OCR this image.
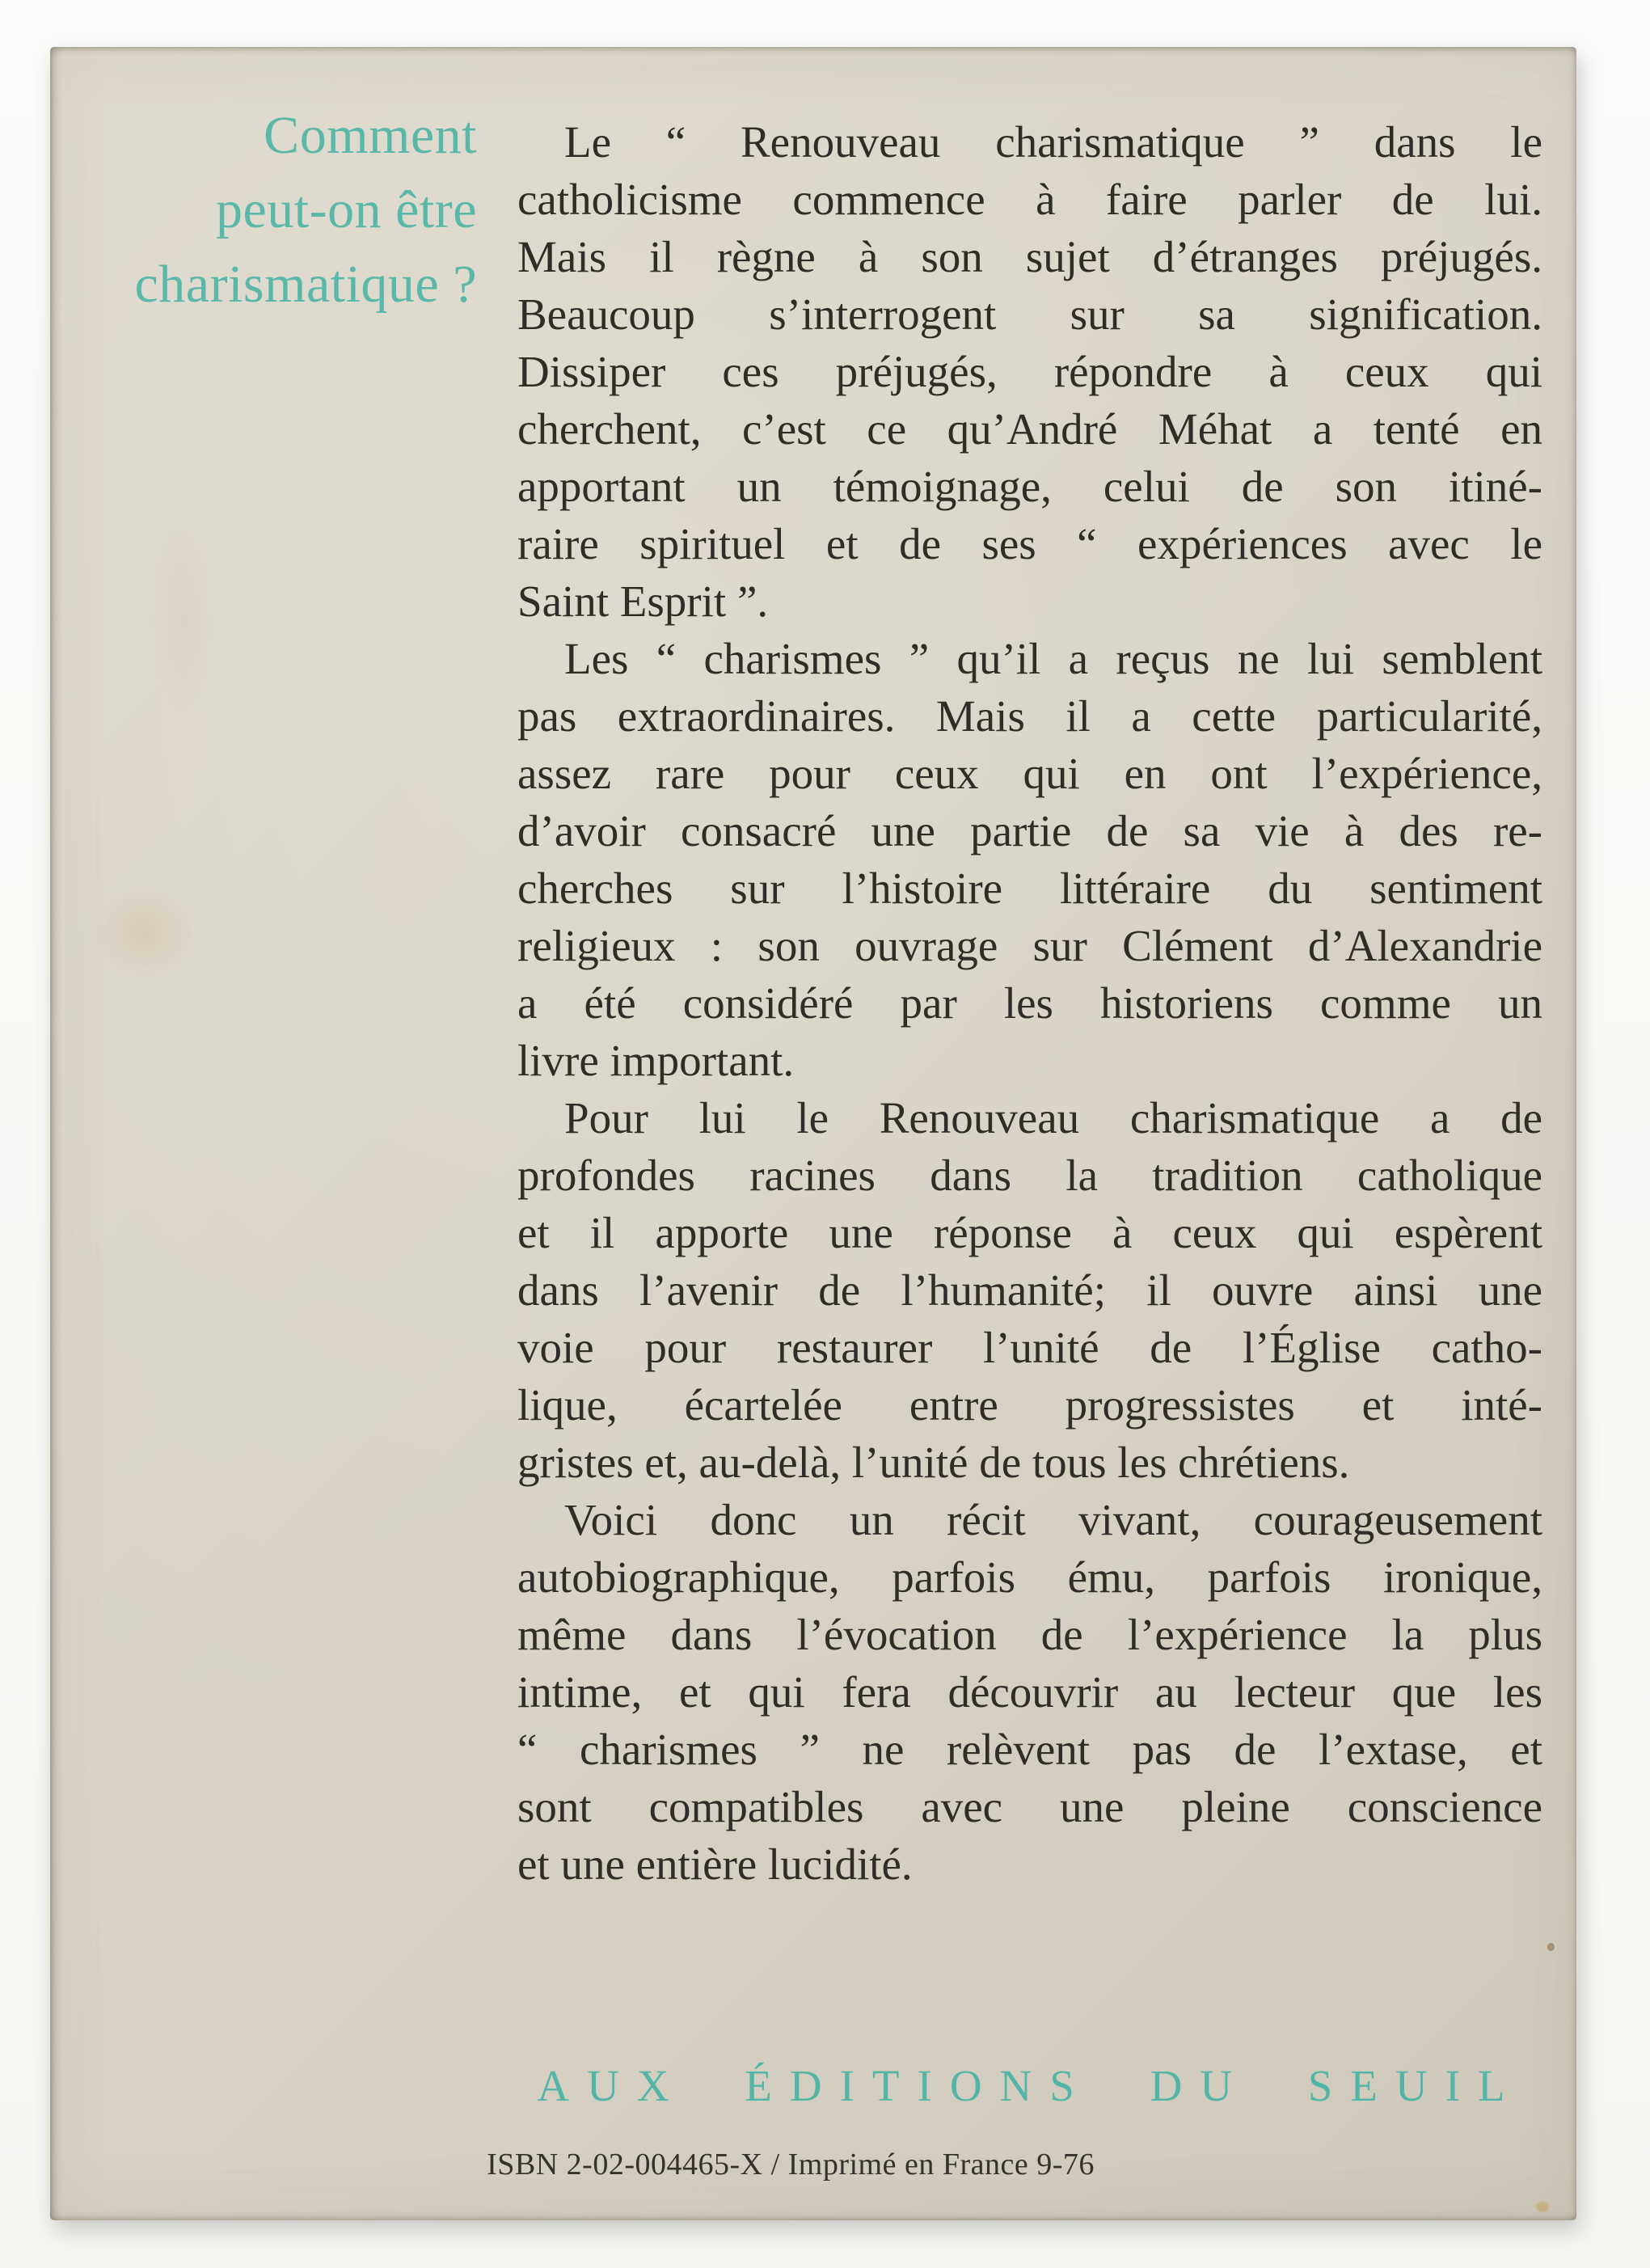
Comment
peut-on être
charismatique ?
Le “ Renouveau charismatique ” dans le
catholicisme commence à faire parler de lui.
Mais il règne à son sujet d’étranges préjugés.
Beaucoup s’interrogent sur sa signification.
Dissiper ces préjugés, répondre à ceux qui
cherchent, c’est ce qu’André Méhat a tenté en
apportant un témoignage, celui de son itiné-
raire spirituel et de ses “ expériences avec le
Saint Esprit ”.
Les “ charismes ” qu’il a reçus ne lui semblent
pas extraordinaires. Mais il a cette particularité,
assez rare pour ceux qui en ont l’expérience,
d’avoir consacré une partie de sa vie à des re-
cherches sur l’histoire littéraire du sentiment
religieux : son ouvrage sur Clément d’Alexandrie
a été considéré par les historiens comme un
livre important.
Pour lui le Renouveau charismatique a de
profondes racines dans la tradition catholique
et il apporte une réponse à ceux qui espèrent
dans l’avenir de l’humanité; il ouvre ainsi une
voie pour restaurer l’unité de l’Église catho-
lique, écartelée entre progressistes et inté-
gristes et, au-delà, l’unité de tous les chrétiens.
Voici donc un récit vivant, courageusement
autobiographique, parfois ému, parfois ironique,
même dans l’évocation de l’expérience la plus
intime, et qui fera découvrir au lecteur que les
“ charismes ” ne relèvent pas de l’extase, et
sont compatibles avec une pleine conscience
et une entière lucidité.
AUX ÉDITIONS DU SEUIL
ISBN 2-02-004465-X / Imprimé en France 9-76
